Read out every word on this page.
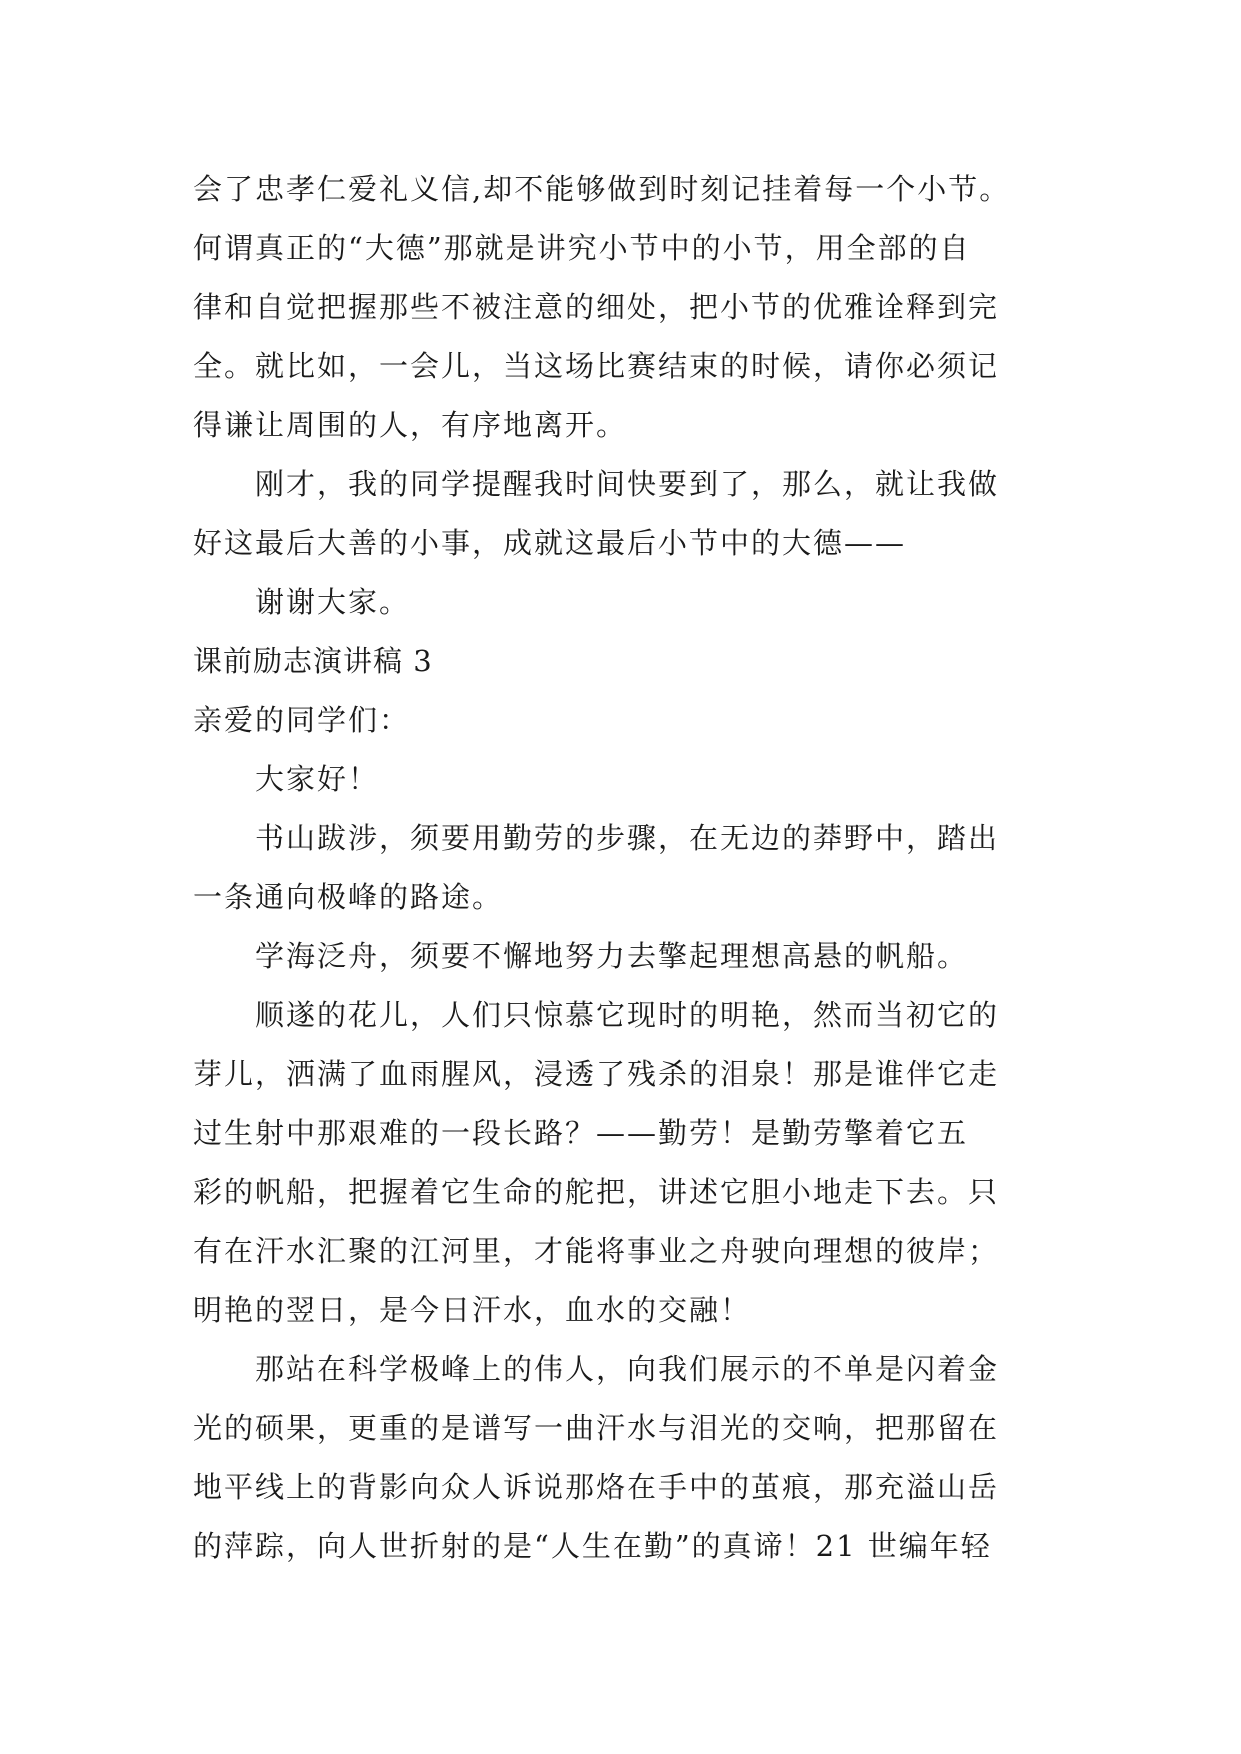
会了忠孝仁爱礼义信,却不能够做到时刻记挂着每一个小节。
何谓真正的“大德”那就是讲究小节中的小节，用全部的自
律和自觉把握那些不被注意的细处，把小节的优雅诠释到完
全。就比如，一会儿，当这场比赛结束的时候，请你必须记
得谦让周围的人，有序地离开。
刚才，我的同学提醒我时间快要到了，那么，就让我做
好这最后大善的小事，成就这最后小节中的大德——
谢谢大家。
课前励志演讲稿 3
亲爱的同学们：
大家好！
书山跋涉，须要用勤劳的步骤，在无边的莽野中，踏出
一条通向极峰的路途。
学海泛舟，须要不懈地努力去擎起理想高悬的帆船。
顺遂的花儿，人们只惊慕它现时的明艳，然而当初它的
芽儿，洒满了血雨腥风，浸透了残杀的泪泉！那是谁伴它走
过生射中那艰难的一段长路？——勤劳！是勤劳擎着它五
彩的帆船，把握着它生命的舵把，讲述它胆小地走下去。只
有在汗水汇聚的江河里，才能将事业之舟驶向理想的彼岸；
明艳的翌日，是今日汗水，血水的交融！
那站在科学极峰上的伟人，向我们展示的不单是闪着金
光的硕果，更重的是谱写一曲汗水与泪光的交响，把那留在
地平线上的背影向众人诉说那烙在手中的茧痕，那充溢山岳
的萍踪，向人世折射的是“人生在勤”的真谛！21 世编年轻
